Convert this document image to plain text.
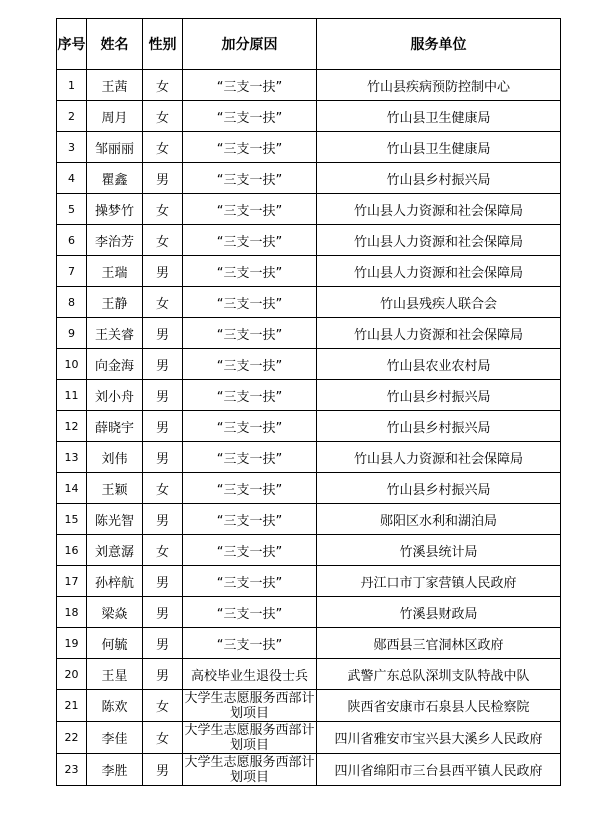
序号	姓名	性别	加分原因	服务单位
1	王茜	女	“三支一扶”	竹山县疾病预防控制中心
2	周月	女	“三支一扶”	竹山县卫生健康局
3	邹丽丽	女	“三支一扶”	竹山县卫生健康局
4	瞿鑫	男	“三支一扶”	竹山县乡村振兴局
5	操梦竹	女	“三支一扶”	竹山县人力资源和社会保障局
6	李治芳	女	“三支一扶”	竹山县人力资源和社会保障局
7	王瑞	男	“三支一扶”	竹山县人力资源和社会保障局
8	王静	女	“三支一扶”	竹山县残疾人联合会
9	王关睿	男	“三支一扶”	竹山县人力资源和社会保障局
10	向金海	男	“三支一扶”	竹山县农业农村局
11	刘小舟	男	“三支一扶”	竹山县乡村振兴局
12	薛晓宇	男	“三支一扶”	竹山县乡村振兴局
13	刘伟	男	“三支一扶”	竹山县人力资源和社会保障局
14	王颖	女	“三支一扶”	竹山县乡村振兴局
15	陈光智	男	“三支一扶”	郧阳区水利和湖泊局
16	刘意潺	女	“三支一扶”	竹溪县统计局
17	孙梓航	男	“三支一扶”	丹江口市丁家营镇人民政府
18	梁焱	男	“三支一扶”	竹溪县财政局
19	何毓	男	“三支一扶”	郧西县三官洞林区政府
20	王星	男	高校毕业生退役士兵	武警广东总队深圳支队特战中队
21	陈欢	女	大学生志愿服务西部计划项目	陕西省安康市石泉县人民检察院
22	李佳	女	大学生志愿服务西部计划项目	四川省雅安市宝兴县大溪乡人民政府
23	李胜	男	大学生志愿服务西部计划项目	四川省绵阳市三台县西平镇人民政府
